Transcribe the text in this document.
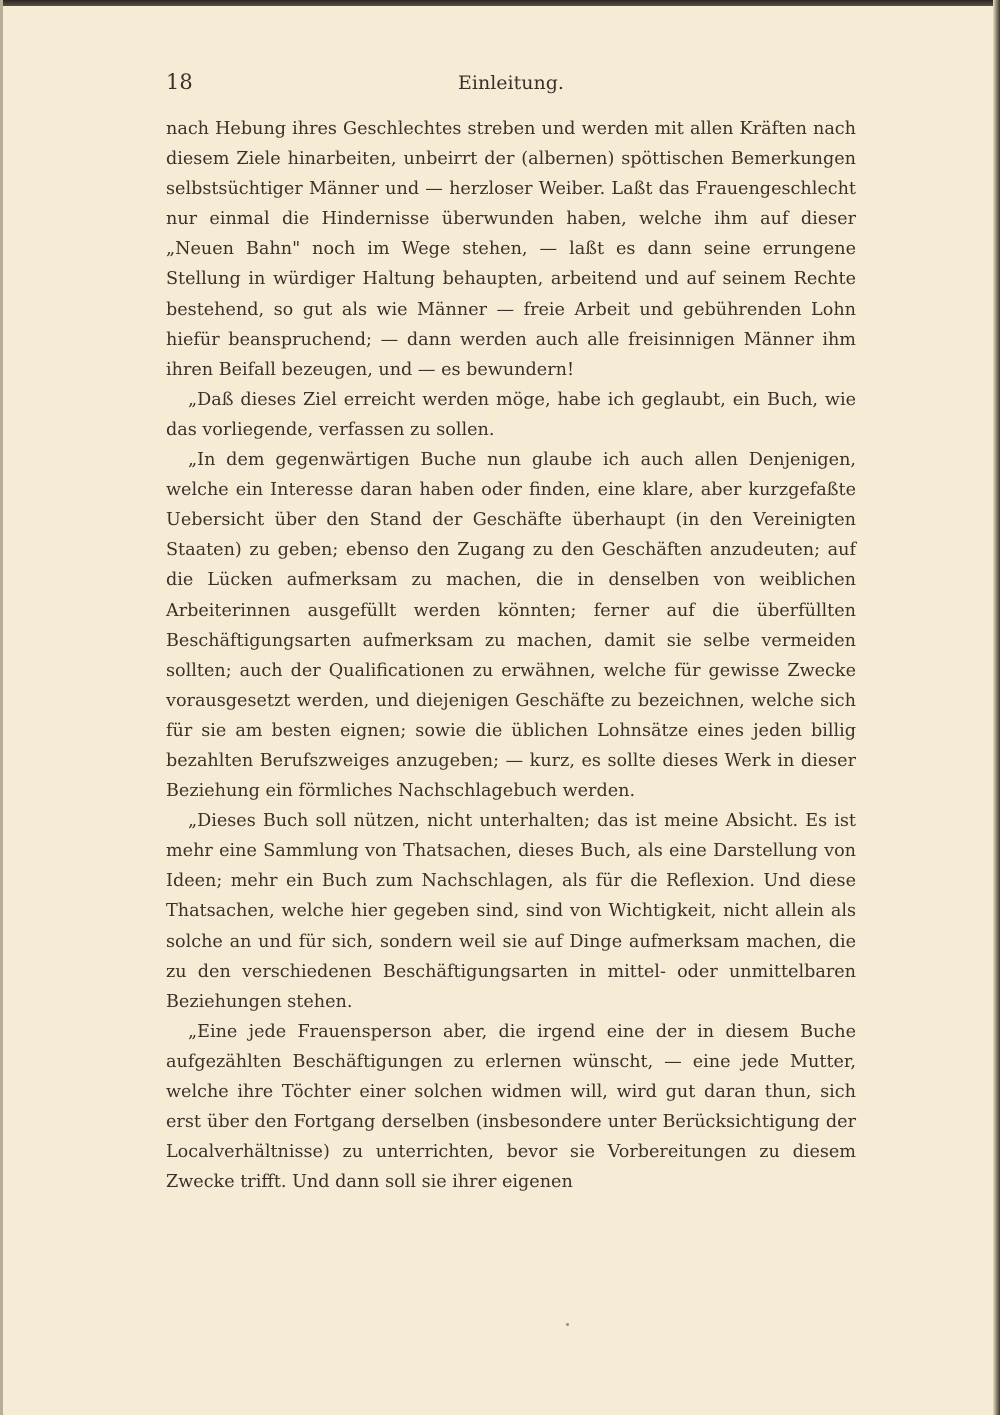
18	Einleitung.

nach Hebung ihres Geschlechtes streben und werden mit allen Kräften nach diesem Ziele hinarbeiten, unbeirrt der (albernen) spöttischen Bemerkungen selbstsüchtiger Männer und — herzloser Weiber. Laßt das Frauengeschlecht nur einmal die Hindernisse überwunden haben, welche ihm auf dieser „Neuen Bahn" noch im Wege stehen, — laßt es dann seine errungene Stellung in würdiger Haltung behaupten, arbeitend und auf seinem Rechte bestehend, so gut als wie Männer — freie Arbeit und gebührenden Lohn hiefür beanspruchend; — dann werden auch alle freisinnigen Männer ihm ihren Beifall bezeugen, und — es bewundern!

„Daß dieses Ziel erreicht werden möge, habe ich geglaubt, ein Buch, wie das vorliegende, verfassen zu sollen.

„In dem gegenwärtigen Buche nun glaube ich auch allen Denjenigen, welche ein Interesse daran haben oder finden, eine klare, aber kurzgefaßte Uebersicht über den Stand der Geschäfte überhaupt (in den Vereinigten Staaten) zu geben; ebenso den Zugang zu den Geschäften anzudeuten; auf die Lücken aufmerksam zu machen, die in denselben von weiblichen Arbeiterinnen ausgefüllt werden könnten; ferner auf die überfüllten Beschäftigungsarten aufmerksam zu machen, damit sie selbe vermeiden sollten; auch der Qualificationen zu erwähnen, welche für gewisse Zwecke vorausgesetzt werden, und diejenigen Geschäfte zu bezeichnen, welche sich für sie am besten eignen; sowie die üblichen Lohnsätze eines jeden billig bezahlten Berufszweiges anzugeben; — kurz, es sollte dieses Werk in dieser Beziehung ein förmliches Nachschlagebuch werden.

„Dieses Buch soll nützen, nicht unterhalten; das ist meine Absicht. Es ist mehr eine Sammlung von Thatsachen, dieses Buch, als eine Darstellung von Ideen; mehr ein Buch zum Nachschlagen, als für die Reflexion. Und diese Thatsachen, welche hier gegeben sind, sind von Wichtigkeit, nicht allein als solche an und für sich, sondern weil sie auf Dinge aufmerksam machen, die zu den verschiedenen Beschäftigungsarten in mittel- oder unmittelbaren Beziehungen stehen.

„Eine jede Frauensperson aber, die irgend eine der in diesem Buche aufgezählten Beschäftigungen zu erlernen wünscht, — eine jede Mutter, welche ihre Töchter einer solchen widmen will, wird gut daran thun, sich erst über den Fortgang derselben (insbesondere unter Berücksichtigung der Localverhältnisse) zu unterrichten, bevor sie Vorbereitungen zu diesem Zwecke trifft. Und dann soll sie ihrer eigenen
